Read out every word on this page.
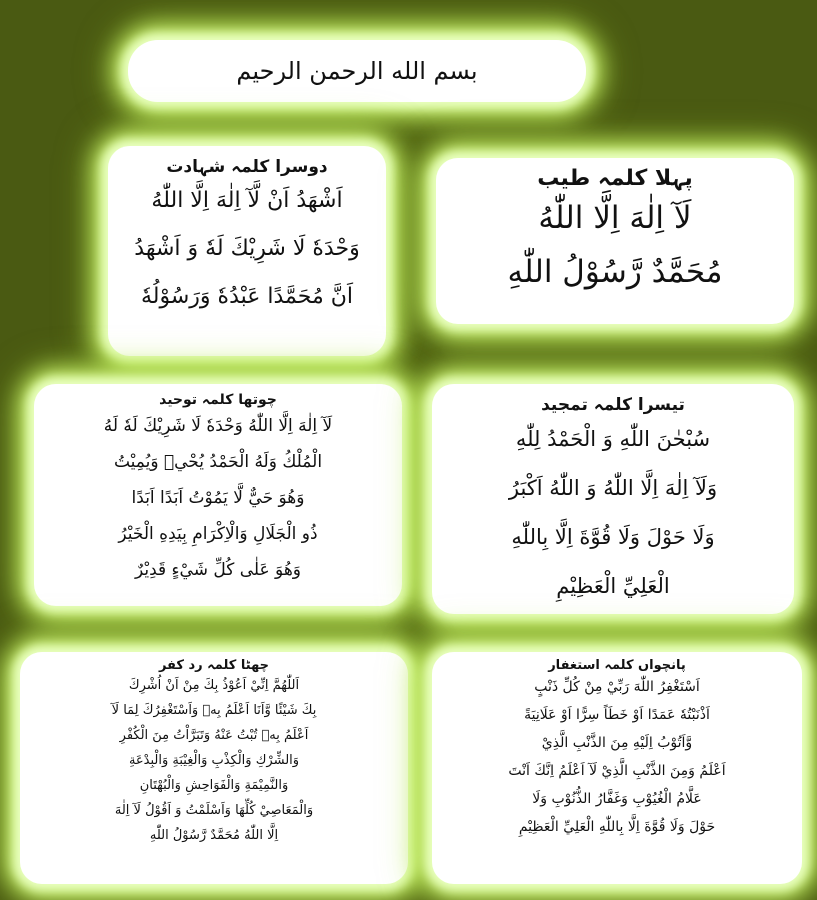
بسم الله الرحمن الرحیم
دوسرا کلمہ شہادت
اَشْهَدُ اَنْ لَّآ اِلٰهَ اِلَّا اللّٰهُ
وَحْدَهٗ لَا شَرِيْكَ لَهٗ وَ اَشْهَدُ
اَنَّ مُحَمَّدًا عَبْدُهٗ وَرَسُوْلُهٗ
پہلا کلمہ طیب
لَآ اِلٰهَ اِلَّا اللّٰهُ
مُحَمَّدٌ رَّسُوْلُ اللّٰهِ
چوتھا کلمہ توحید
لَآ اِلٰهَ اِلَّا اللّٰهُ وَحْدَهٗ لَا شَرِيْكَ لَهٗ لَهُ
الْمُلْكُ وَلَهُ الْحَمْدُ يُحْيٖ وَيُمِيْتُ
وَهُوَ حَيٌّ لَّا يَمُوْتُ اَبَدًا اَبَدًا
ذُو الْجَلَالِ وَالْاِكْرَامِ بِيَدِهِ الْخَيْرُ
وَهُوَ عَلٰى كُلِّ شَيْءٍ قَدِيْرٌ
تیسرا کلمہ تمجید
سُبْحٰنَ اللّٰهِ وَ الْحَمْدُ لِلّٰهِ
وَلَآ اِلٰهَ اِلَّا اللّٰهُ وَ اللّٰهُ اَكْبَرُ
وَلَا حَوْلَ وَلَا قُوَّةَ اِلَّا بِاللّٰهِ
الْعَلِيِّ الْعَظِيْمِ
چھٹا کلمہ رد کفر
اَللّٰهُمَّ اِنِّيْ اَعُوْذُ بِكَ مِنْ اَنْ اُشْرِكَ
بِكَ شَيْئًا وَّاَنَا اَعْلَمُ بِهٖ وَاَسْتَغْفِرُكَ لِمَا لَآ
اَعْلَمُ بِهٖ تُبْتُ عَنْهُ وَتَبَرَّاْتُ مِنَ الْكُفْرِ
وَالشِّرْكِ وَالْكِذْبِ وَالْغِيْبَةِ وَالْبِدْعَةِ
وَالنَّمِيْمَةِ وَالْفَوَاحِشِ وَالْبُهْتَانِ
وَالْمَعَاصِيْ كُلِّهَا وَاَسْلَمْتُ وَ اَقُوْلُ لَآ اِلٰهَ
اِلَّا اللّٰهُ مُحَمَّدٌ رَّسُوْلُ اللّٰهِ
پانچواں کلمہ استغفار
اَسْتَغْفِرُ اللّٰهَ رَبِّيْ مِنْ كُلِّ ذَنْبٍ
اَذْنَبْتُهٗ عَمَدًا اَوْ خَطَاً سِرًّا اَوْ عَلَانِيَةً
وَّاَتُوْبُ اِلَيْهِ مِنَ الذَّنْبِ الَّذِيْ
اَعْلَمُ وَمِنَ الذَّنْبِ الَّذِيْ لَآ اَعْلَمُ اِنَّكَ اَنْتَ
عَلَّامُ الْغُيُوْبِ وَغَفَّارُ الذُّنُوْبِ وَلَا
حَوْلَ وَلَا قُوَّةَ اِلَّا بِاللّٰهِ الْعَلِيِّ الْعَظِيْمِ
